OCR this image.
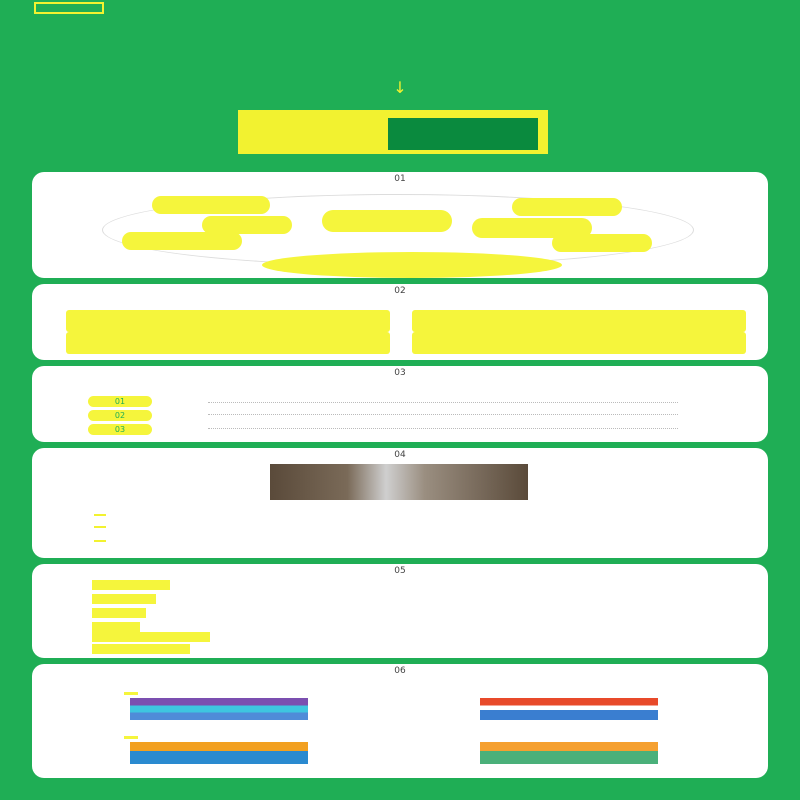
↓
01
02
03
01
02
03
04
05
06
